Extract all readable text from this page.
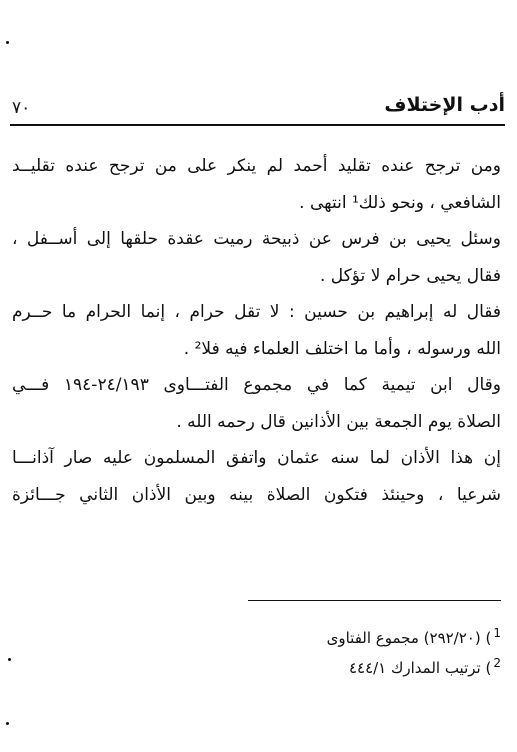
٧٠	أدب الإختلاف
ومن ترجح عنده تقليد أحمد لم ينكر على من ترجح عنده تقليــد
الشافعي ، ونحو ذلك¹ انتهى .
وسئل يحيى بن فرس عن ذبيحة رميت عقدة حلقها إلى أســفل ،
فقال يحيى حرام لا تؤكل .
فقال له إبراهيم بن حسين : لا تقل حرام ، إنما الحرام ما حــرم
الله ورسوله ، وأما ما اختلف العلماء فيه فلا² .
وقال ابن تيمية كما في مجموع الفتـــاوى ٢٤/١٩٣-١٩٤ فـــي
الصلاة يوم الجمعة بين الأذانين قال رحمه الله .
إن هذا الأذان لما سنه عثمان واتفق المسلمون عليه صار آذانـــا
شرعيا ، وحينئذ فتكون الصلاة بينه وبين الأذان الثاني جـــائزة
$^1$) (٢٩٢/٢٠) مجموع الفتاوى
$^2$) ترتيب المدارك ٤٤٤/١
